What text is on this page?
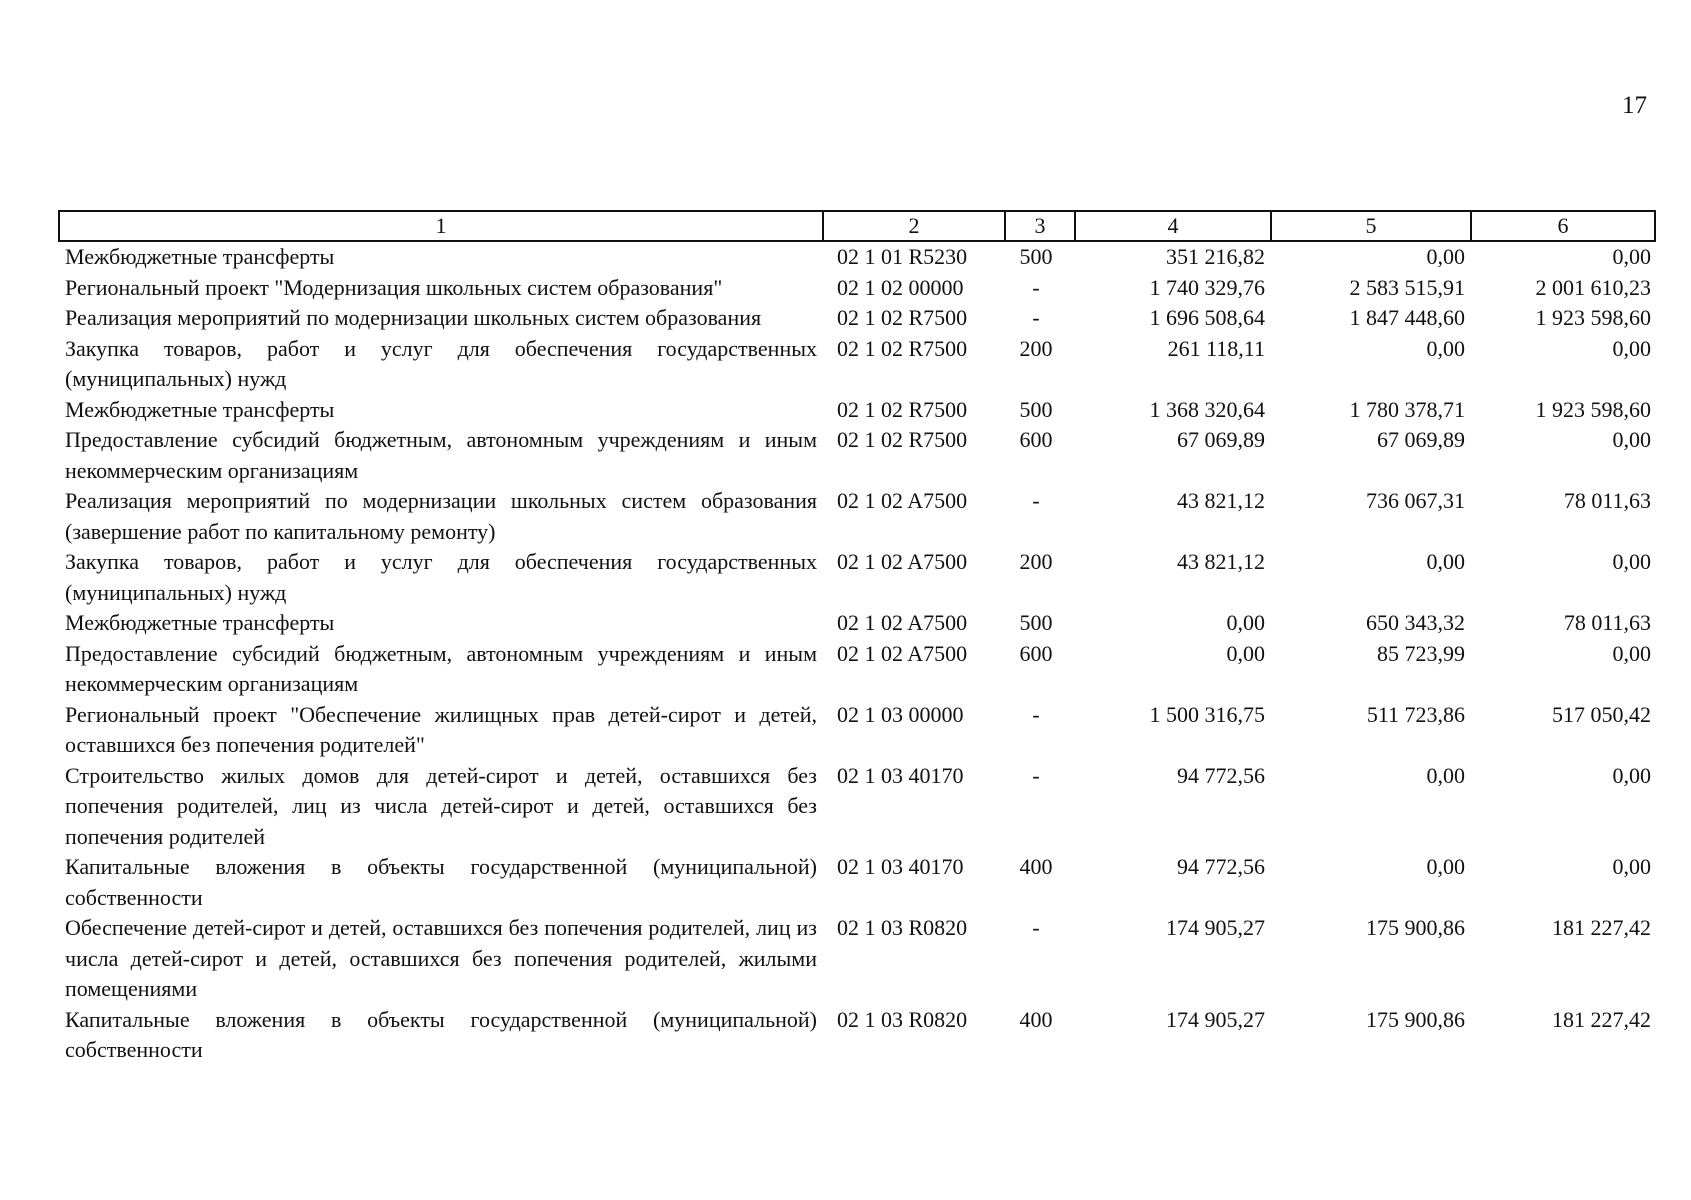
17
1	2	3	4	5	6
Межбюджетные трансферты	02 1 01 R5230	500	351 216,82	0,00	0,00
Региональный проект "Модернизация школьных систем образования"	02 1 02 00000	-	1 740 329,76	2 583 515,91	2 001 610,23
Реализация мероприятий по модернизации школьных систем образования	02 1 02 R7500	-	1 696 508,64	1 847 448,60	1 923 598,60
Закупка товаров, работ и услуг для обеспечения государственных (муниципальных) нужд	02 1 02 R7500	200	261 118,11	0,00	0,00
Межбюджетные трансферты	02 1 02 R7500	500	1 368 320,64	1 780 378,71	1 923 598,60
Предоставление субсидий бюджетным, автономным учреждениям и иным некоммерческим организациям	02 1 02 R7500	600	67 069,89	67 069,89	0,00
Реализация мероприятий по модернизации школьных систем образования (завершение работ по капитальному ремонту)	02 1 02 A7500	-	43 821,12	736 067,31	78 011,63
Закупка товаров, работ и услуг для обеспечения государственных (муниципальных) нужд	02 1 02 A7500	200	43 821,12	0,00	0,00
Межбюджетные трансферты	02 1 02 A7500	500	0,00	650 343,32	78 011,63
Предоставление субсидий бюджетным, автономным учреждениям и иным некоммерческим организациям	02 1 02 A7500	600	0,00	85 723,99	0,00
Региональный проект "Обеспечение жилищных прав детей-сирот и детей, оставшихся без попечения родителей"	02 1 03 00000	-	1 500 316,75	511 723,86	517 050,42
Строительство жилых домов для детей-сирот и детей, оставшихся без попечения родителей, лиц из числа детей-сирот и детей, оставшихся без попечения родителей	02 1 03 40170	-	94 772,56	0,00	0,00
Капитальные вложения в объекты государственной (муниципальной) собственности	02 1 03 40170	400	94 772,56	0,00	0,00
Обеспечение детей-сирот и детей, оставшихся без попечения родителей, лиц из числа детей-сирот и детей, оставшихся без попечения родителей, жилыми помещениями	02 1 03 R0820	-	174 905,27	175 900,86	181 227,42
Капитальные вложения в объекты государственной (муниципальной) собственности	02 1 03 R0820	400	174 905,27	175 900,86	181 227,42
